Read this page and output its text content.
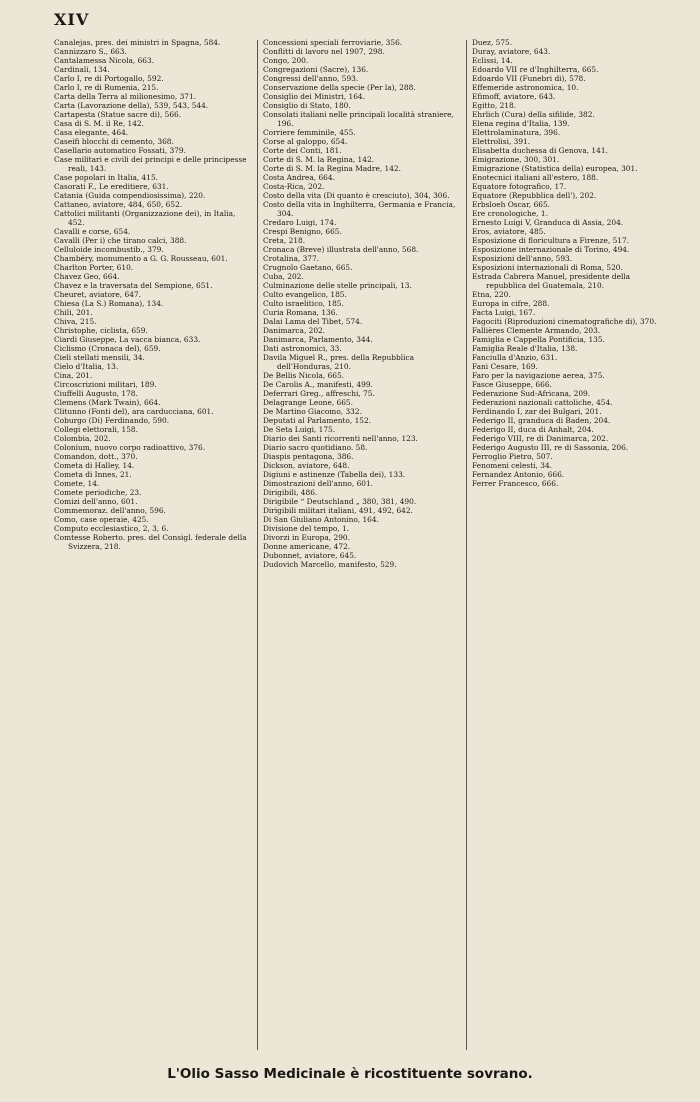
XIV

Canalejas, pres. dei ministri in Spagna, 584.

Cannizzaro S., 663.

Cantalamessa Nicola, 663.

Cardinali, 134.

Carlo I, re di Portogallo, 592.

Carlo I, re di Rumenia, 215.

Carta della Terra al milionesimo, 371.

Carta (Lavorazione della), 539, 543, 544.

Cartapesta (Statue sacre di), 566.

Casa di S. M. il Re, 142.

Casa elegante, 464.

Caseifi blocchi di cemento, 368.

Casellario automatico Fossati, 379.

Case militari e civili dei principi e delle principesse reali, 143.

Case popolari in Italia, 415.

Casorati F., Le ereditiere, 631.

Catania (Guida compendiosissima), 220.

Cattaneo, aviatore, 484, 650, 652.

Cattolici militanti (Organizzazione dei), in Italia, 452.

Cavalli e corse, 654.

Cavalli (Per i) che tirano calci, 388.

Celluloide incombustib., 379.

Chambéry, monumento a G. G. Rousseau, 601.

Charlton Porter, 610.

Chavez Geo, 664.

Chavez e la traversata del Sempione, 651.

Cheuret, aviatore, 647.

Chiesa (La S.) Romana), 134.

Chili, 201.

Chiva, 215.

Christophe, ciclista, 659.

Ciardi Giuseppe, La vacca bianca, 633.

Ciclismo (Cronaca del), 659.

Cieli stellati mensili, 34.

Cielo d'Italia, 13.

Cina, 201.

Circoscrizioni militari, 189.

Ciuffelli Augusto, 178.

Clemens (Mark Twain), 664.

Clitunno (Fonti del), ara carducciana, 601.

Coburgo (Di) Ferdinando, 590.

Collegi elettorali, 158.

Colombia, 202.

Colonium, nuovo corpo radioattivo, 376.

Comandon, dott., 370.

Cometa di Halley, 14.

Cometa di Innes, 21.

Comete, 14.

Comete periodiche, 23.

Comizi dell'anno, 601.

Commemoraz. dell'anno, 596.

Como, case operaie, 425.

Computo ecclesiastico, 2, 3, 6.

Comtesse Roberto. pres. del Consigl. federale della Svizzera, 218.

Concessioni speciali ferroviarie, 356.

Conflitti di lavoro nel 1907, 298.

Congo, 200.

Congregazioni (Sacre), 136.

Congressi dell'anno, 593.

Conservazione della specie (Per la), 288.

Consiglio dei Ministri, 164.

Consiglio di Stato, 180.

Consolati italiani nelle principali località straniere, 196.

Corriere femminile, 455.

Corse al galoppo, 654.

Corte dei Conti, 181.

Corte di S. M. la Regina, 142.

Corte di S. M. la Regina Madre, 142.

Costa Andrea, 664.

Costa-Rica, 202.

Costo della vita (Di quanto è cresciuto), 304, 306.

Costo della vita in Inghilterra, Germania e Francia, 304.

Credaro Luigi, 174.

Crespi Benigno, 665.

Creta, 218.

Cronaca (Breve) illustrata dell'anno, 568.

Crotalina, 377.

Crugnolo Gaetano, 665.

Cuba, 202.

Culminazione delle stelle principali, 13.

Culto evangelico, 185.

Culto israelitico, 185.

Curia Romana, 136.

Dalai Lama del Tibet, 574.

Danimarca, 202.

Danimarca, Parlamento, 344.

Dati astronomici, 33.

Davila Miguel R., pres. della Repubblica dell'Honduras, 210.

De Bellis Nicola, 665.

De Carolis A., manifesti, 499.

Deferrari Greg., affreschi, 75.

Delagrange Leone, 665.

De Martino Giacomo, 332.

Deputati al Parlamento, 152.

De Seta Luigi, 175.

Diario dei Santi ricorrenti nell'anno, 123.

Diario sacro quotidiano. 58.

Diaspis pentagona, 386.

Dickson, aviatore, 648.

Digiuni e astinenze (Tabella dei), 133.

Dimostrazioni dell'anno, 601.

Dirigibili, 486.

Dirigibile “ Deutschland „ 380, 381, 490.

Dirigibili militari italiani, 491, 492, 642.

Di San Giuliano Antonino, 164.

Divisione del tempo, 1.

Divorzi in Europa, 290.

Donne americane, 472.

Dubonnet, aviatore, 645.

Dudovich Marcello, manifesto, 529.

Duez, 575.

Duray, aviatore, 643.

Eclissi, 14.

Edoardo VII re d'Inghilterra, 665.

Edoardo VII (Funebri di), 578.

Effemeride astronomica, 10.

Efimoff, aviatore, 643.

Egitto, 218.

Ehrlich (Cura) della sifilide, 382.

Elena regina d'Italia, 139.

Elettrolaminatura, 396.

Elettrolisi, 391.

Elisabetta duchessa di Genova, 141.

Emigrazione, 300, 301.

Emigrazione (Statistica della) europea, 301.

Enotecnici italiani all'estero, 188.

Equatore fotografico, 17.

Equatore (Repubblica dell'), 202.

Erbsloeh Oscar, 665.

Ere cronologiche, 1.

Ernesto Luigi V, Granduca di Assia, 204.

Eros, aviatore, 485.

Esposizione di floricultura a Firenze, 517.

Esposizione internazionale di Torino, 494.

Esposizioni dell'anno, 593.

Esposizioni internazionali di Roma, 520.

Estrada Cabrera Manuel, presidente della repubblica del Guatemala, 210.

Etna, 220.

Europa in cifre, 288.

Facta Luigi, 167.

Fagociti (Riproduzioni cinematografiche di), 370.

Fallières Clemente Armando, 203.

Famiglia e Cappella Pontificia, 135.

Famiglia Reale d'Italia, 138.

Fanciulla d'Anzio, 631.

Fani Cesare, 169.

Faro per la navigazione aerea, 375.

Fasce Giuseppe, 666.

Federazione Sud-Africana, 209.

Federazioni nazionali cattoliche, 454.

Ferdinando I, zar dei Bulgari, 201.

Federigo II, granduca di Baden, 204.

Federigo II, duca di Anhalt, 204.

Federigo VIII, re di Danimarca, 202.

Federigo Augusto III, re di Sassonia, 206.

Ferroglio Pietro, 507.

Fenomeni celesti, 34.

Fernandez Antonio, 666.

Ferrer Francesco, 666.

L'Olio Sasso Medicinale è ricostituente sovrano.
